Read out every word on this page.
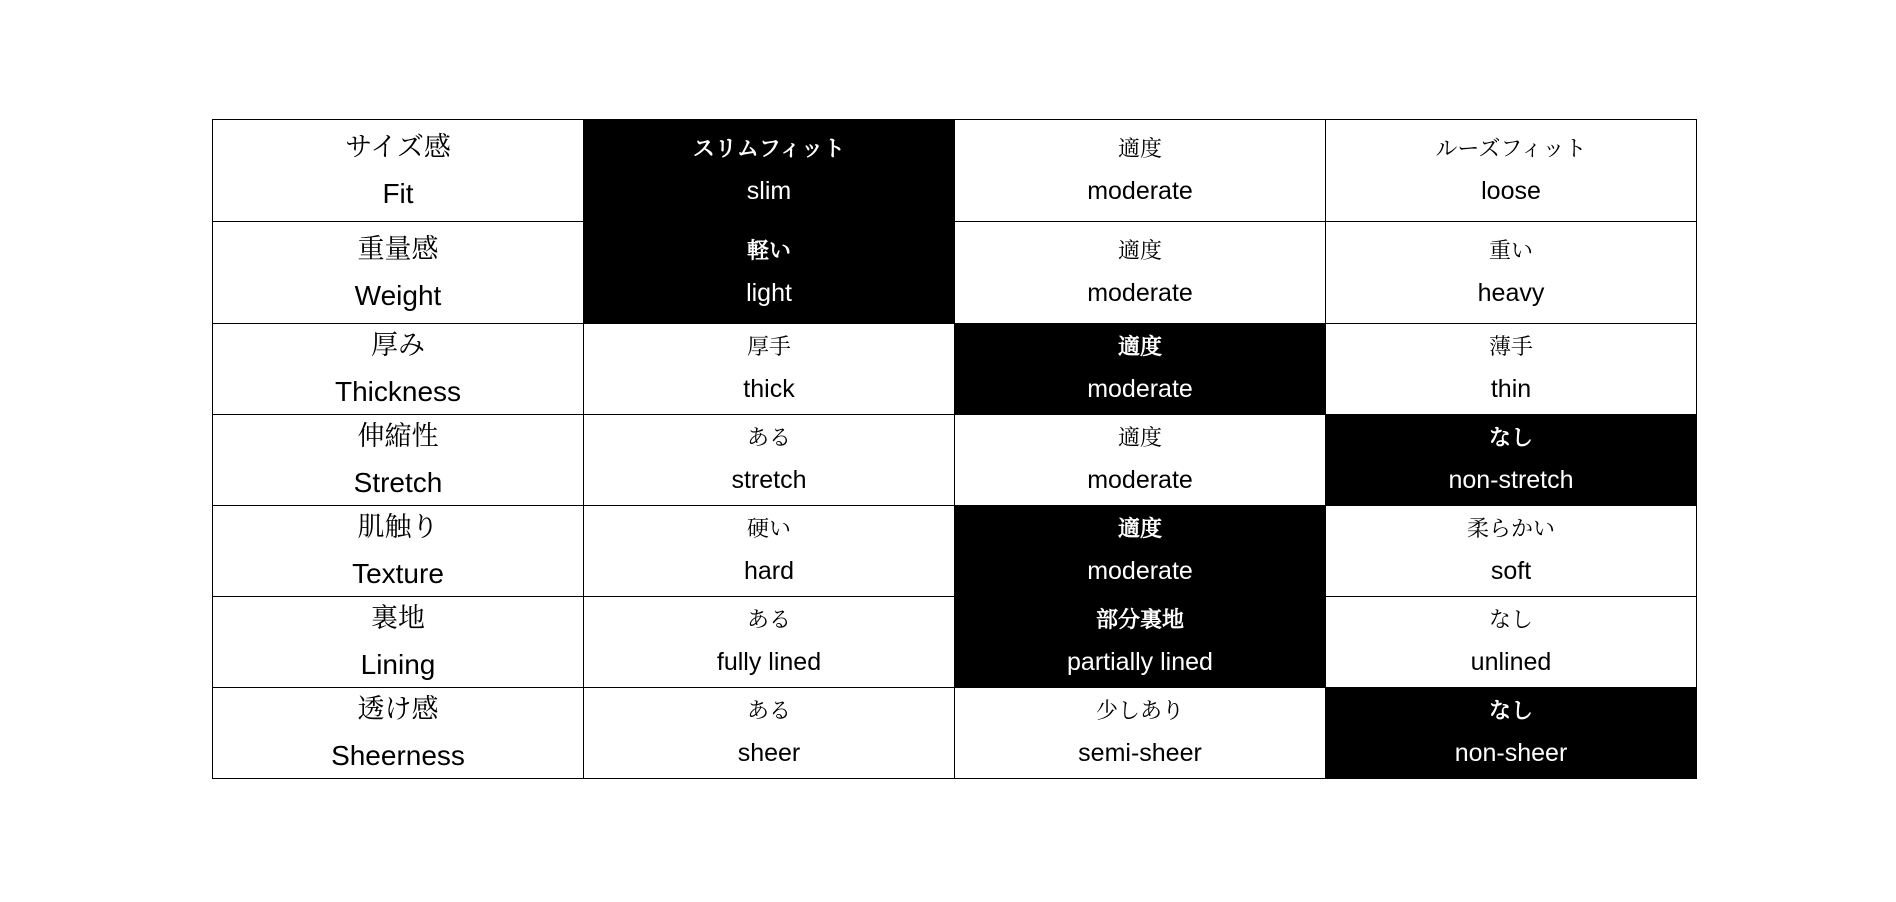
サイズ感
Fit	スリムフィット
slim	適度
moderate	ルーズフィット
loose

重量感
Weight	軽い
light	適度
moderate	重い
heavy

厚み
Thickness	厚手
thick	適度
moderate	薄手
thin

伸縮性
Stretch	ある
stretch	適度
moderate	なし
non-stretch

肌触り
Texture	硬い
hard	適度
moderate	柔らかい
soft

裏地
Lining	ある
fully lined	部分裏地
partially lined	なし
unlined

透け感
Sheerness	ある
sheer	少しあり
semi-sheer	なし
non-sheer
